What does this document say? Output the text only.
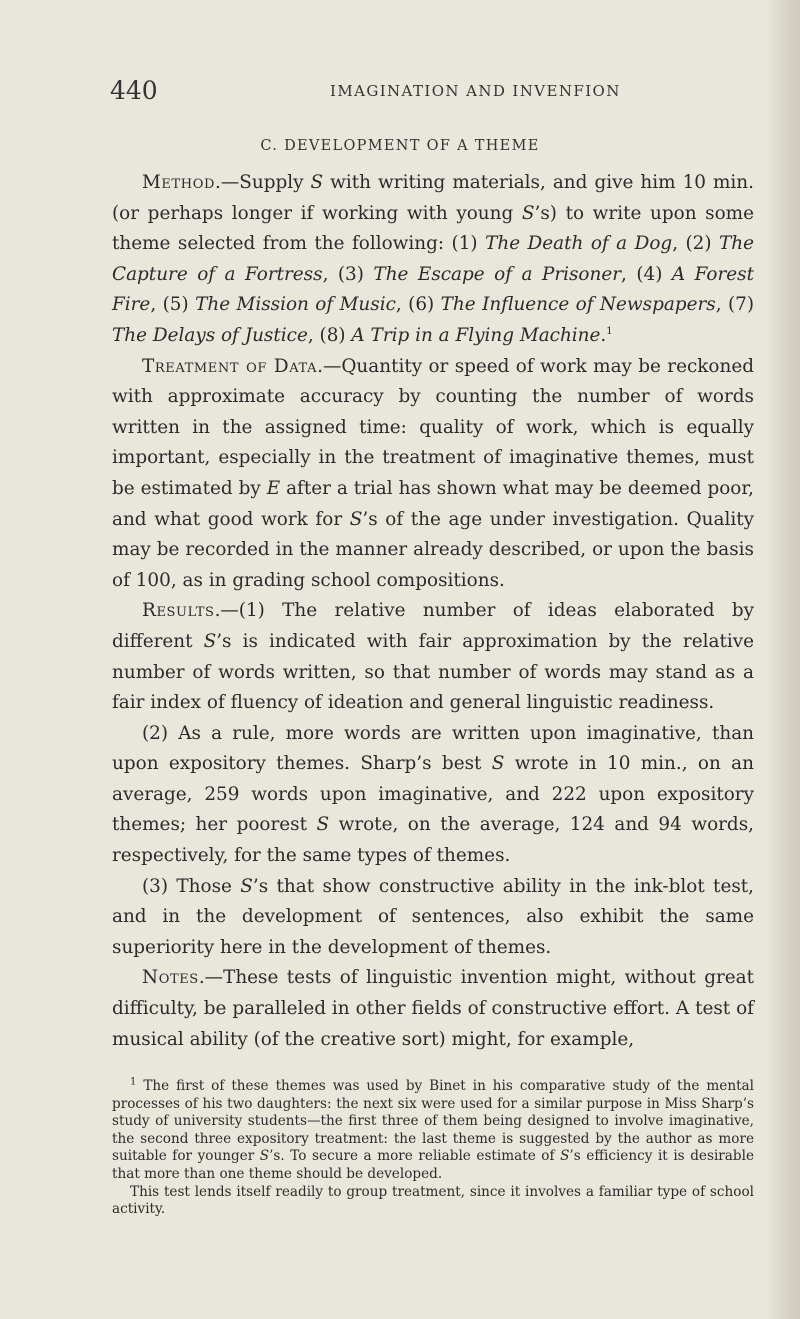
440	IMAGINATION AND INVENFION
C. DEVELOPMENT OF A THEME

Method.—Supply S with writing materials, and give him 10 min. (or perhaps longer if working with young S’s) to write upon some theme selected from the following: (1) The Death of a Dog, (2) The Capture of a Fortress, (3) The Escape of a Prisoner, (4) A Forest Fire, (5) The Mission of Music, (6) The Influence of Newspapers, (7) The Delays of Justice, (8) A Trip in a Flying Machine.$^1$

Treatment of Data.—Quantity or speed of work may be reckoned with approximate accuracy by counting the number of words written in the assigned time: quality of work, which is equally important, especially in the treatment of imaginative themes, must be estimated by E after a trial has shown what may be deemed poor, and what good work for S’s of the age under investigation. Quality may be recorded in the manner already described, or upon the basis of 100, as in grading school compositions.

Results.—(1) The relative number of ideas elaborated by different S’s is indicated with fair approximation by the relative number of words written, so that number of words may stand as a fair index of fluency of ideation and general linguistic readiness.

(2) As a rule, more words are written upon imaginative, than upon expository themes. Sharp’s best S wrote in 10 min., on an average, 259 words upon imaginative, and 222 upon expository themes; her poorest S wrote, on the average, 124 and 94 words, respectively, for the same types of themes.

(3) Those S’s that show constructive ability in the ink-blot test, and in the development of sentences, also exhibit the same superiority here in the development of themes.

Notes.—These tests of linguistic invention might, without great difficulty, be paralleled in other fields of constructive effort. A test of musical ability (of the creative sort) might, for example,

$^1$ The first of these themes was used by Binet in his comparative study of the mental processes of his two daughters: the next six were used for a similar purpose in Miss Sharp’s study of university students—the first three of them being designed to involve imaginative, the second three expository treatment: the last theme is suggested by the author as more suitable for younger S’s. To secure a more reliable estimate of S’s efficiency it is desirable that more than one theme should be developed.

This test lends itself readily to group treatment, since it involves a familiar type of school activity.
